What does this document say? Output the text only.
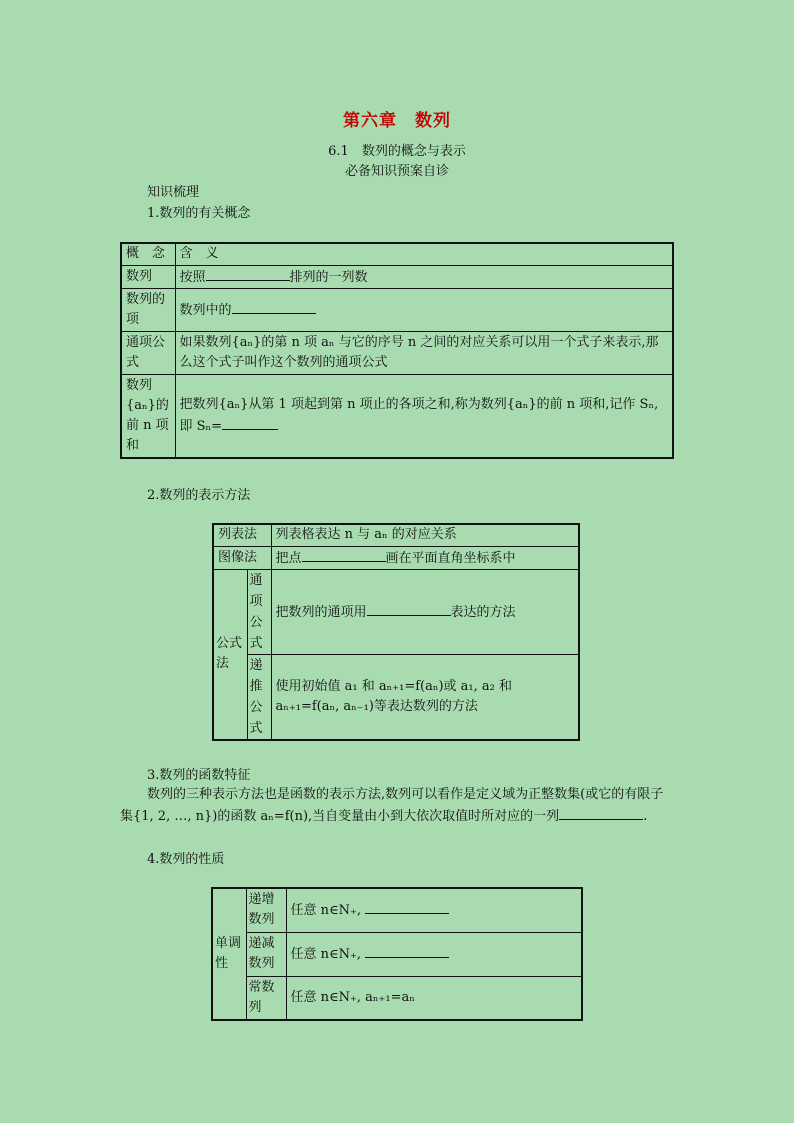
第六章　数列
6.1　数列的概念与表示
必备知识预案自诊
知识梳理
1.数列的有关概念
概　念	含　义
数列	按照 排列的一列数
数列的项	数列中的
通项公式	如果数列{aₙ}的第 n 项 aₙ 与它的序号 n 之间的对应关系可以用一个式子来表示,那么这个式子叫作这个数列的通项公式
数列{aₙ}的前 n 项和	把数列{aₙ}从第 1 项起到第 n 项止的各项之和,称为数列{aₙ}的前 n 项和,记作 Sₙ,即 Sₙ=
2.数列的表示方法
列表法		列表格表达 n 与 aₙ 的对应关系
图像法		把点 画在平面直角坐标系中
公式法	通项公式	把数列的通项用 表达的方法
	递推公式	使用初始值 a₁ 和 aₙ₊₁=f(aₙ)或 a₁, a₂ 和 aₙ₊₁=f(aₙ, aₙ₋₁)等表达数列的方法
3.数列的函数特征
数列的三种表示方法也是函数的表示方法,数列可以看作是定义域为正整数集(或它的有限子集{1, 2, …, n})的函数 aₙ=f(n),当自变量由小到大依次取值时所对应的一列	.
4.数列的性质
单调性	递增数列	任意 n∈N₊,
	递减数列	任意 n∈N₊,
	常数列	任意 n∈N₊, aₙ₊₁=aₙ
